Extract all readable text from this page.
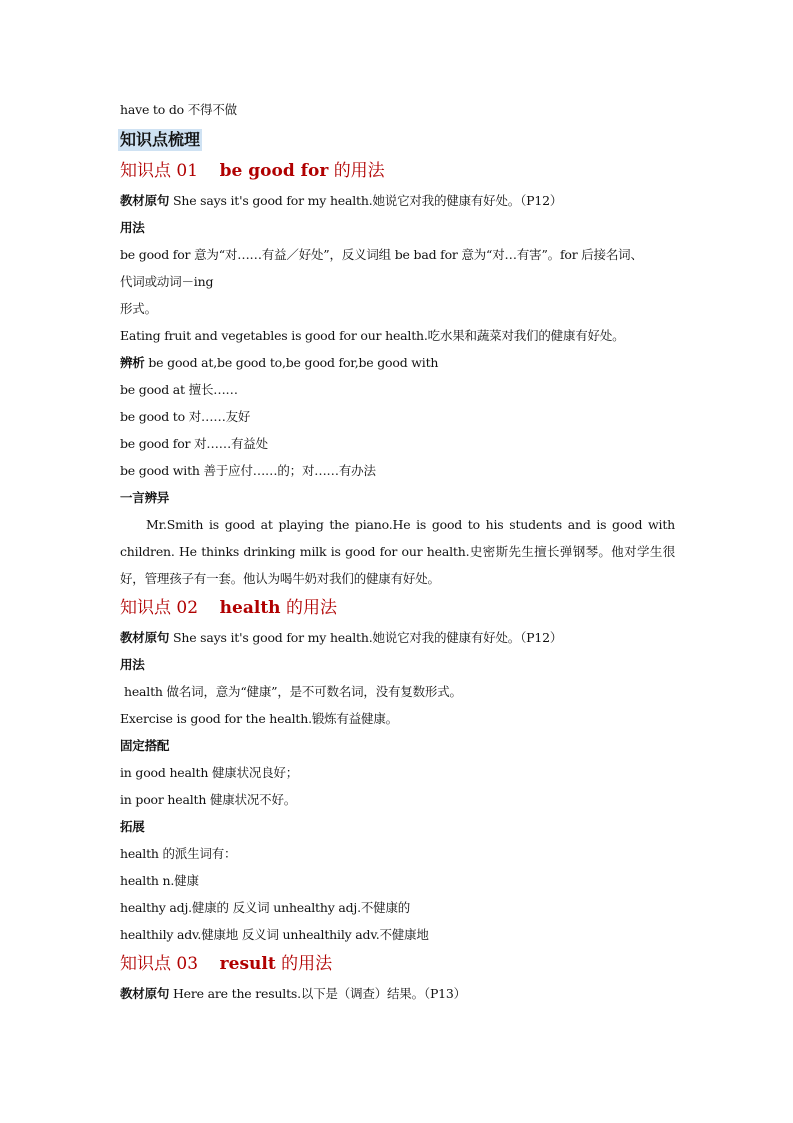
have to do 不得不做
知识点梳理
知识点 01 be good for 的用法
教材原句 She says it's good for my health.她说它对我的健康有好处。（P12）
用法
be good for 意为“对……有益／好处”，反义词组 be bad for 意为“对…有害”。for 后接名词、
代词或动词－ing
形式。
Eating fruit and vegetables is good for our health.吃水果和蔬菜对我们的健康有好处。
辨析 be good at,be good to,be good for,be good with
be good at 擅长……
be good to 对……友好
be good for 对……有益处
be good with 善于应付……的；对……有办法
一言辨异
Mr.Smith is good at playing the piano.He is good to his students and is good with children. He thinks drinking milk is good for our health.史密斯先生擅长弹钢琴。他对学生很好，管理孩子有一套。他认为喝牛奶对我们的健康有好处。
知识点 02 health 的用法
教材原句 She says it's good for my health.她说它对我的健康有好处。（P12）
用法
health 做名词，意为“健康”，是不可数名词，没有复数形式。
Exercise is good for the health.锻炼有益健康。
固定搭配
in good health 健康状况良好；
in poor health 健康状况不好。
拓展
health 的派生词有：
health n.健康
healthy adj.健康的 反义词 unhealthy adj.不健康的
healthily adv.健康地 反义词 unhealthily adv.不健康地
知识点 03 result 的用法
教材原句 Here are the results.以下是（调查）结果。（P13）
